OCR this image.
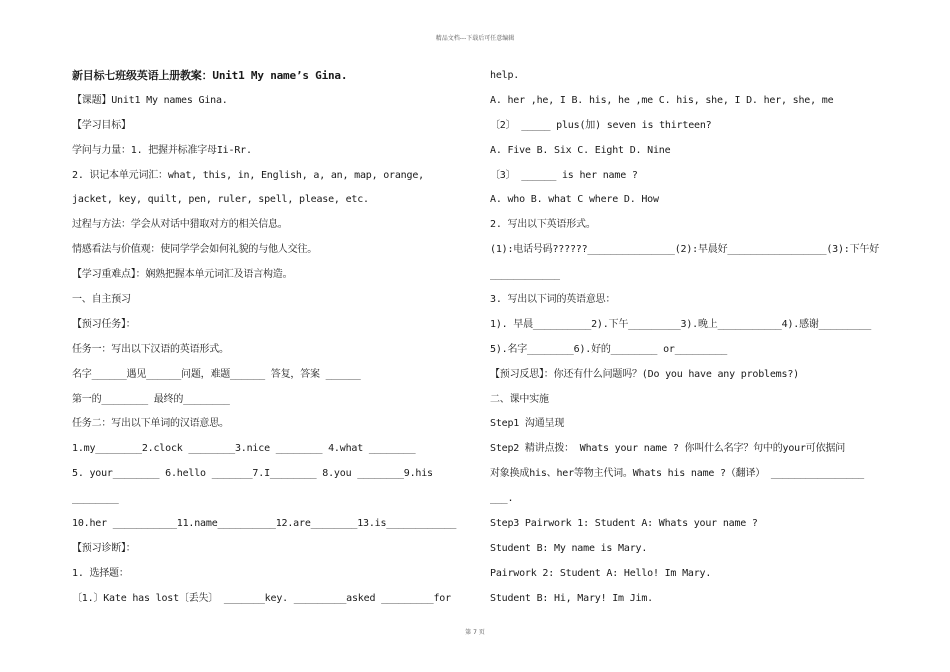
精品文档---下载后可任意编辑
新目标七班级英语上册教案：Unit1 My name’s Gina.
【课题】Unit1 My names Gina.
【学习目标】
学问与力量：1. 把握并标准字母Ii-Rr.
2. 识记本单元词汇：what, this, in, English, a, an, map, orange,
jacket, key, quilt, pen, ruler, spell, please, etc.
过程与方法：学会从对话中猎取对方的相关信息。
情感看法与价值观：使同学学会如何礼貌的与他人交往。
【学习重难点】：娴熟把握本单元词汇及语言构造。
一、自主预习
【预习任务】：
任务一：写出以下汉语的英语形式。
名字______遇见______问题，难题______ 答复，答案 ______
第一的________ 最终的________
任务二：写出以下单词的汉语意思。
1.my________2.clock ________3.nice ________ 4.what ________
5. your________ 6.hello _______7.I________ 8.you ________9.his
________
10.her ___________11.name__________12.are________13.is____________
【预习诊断】：
1. 选择题：
〔1.〕Kate has lost〔丢失〕 _______key. _________asked _________for
help.
A. her ,he, I B. his, he ,me C. his, she, I D. her, she, me
〔2〕 _____ plus(加) seven is thirteen?
A. Five B. Six C. Eight D. Nine
〔3〕 ______ is her name ?
A. who B. what C where D. How
2. 写出以下英语形式。
(1):电话号码??????_______________(2):早晨好_________________(3):下午好
____________
3. 写出以下词的英语意思：
1). 早晨__________2).下午_________3).晚上___________4).感谢_________
5).名字________6).好的________ or_________
【预习反思】：你还有什么问题吗？(Do you have any problems?)
二、课中实施
Step1 沟通呈现
Step2 精讲点拨： Whats your name ? 你叫什么名字？句中的your可依据问
对象换成his、her等物主代词。Whats his name ?（翻译） ________________
___.
Step3 Pairwork 1: Student A: Whats your name ?
Student B: My name is Mary.
Pairwork 2: Student A: Hello! Im Mary.
Student B: Hi, Mary! Im Jim.
第 7 页
